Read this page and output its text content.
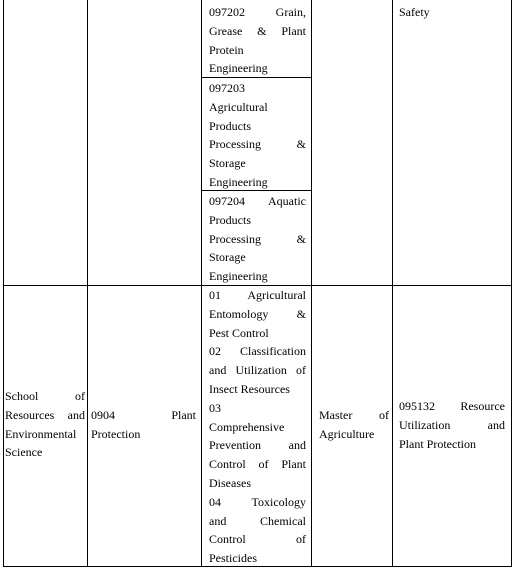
097202 Grain,
Grease & Plant
Protein
Engineering
097203
Agricultural
Products
Processing &
Storage
Engineering
097204 Aquatic
Products
Processing &
Storage
Engineering
Safety
School of
Resources and
Environmental
Science
0904 Plant
Protection
01 Agricultural
Entomology &
Pest Control
02 Classification
and Utilization of
Insect Resources
03
Comprehensive
Prevention and
Control of Plant
Diseases
04 Toxicology
and Chemical
Control of
Pesticides
Master of
Agriculture
095132 Resource
Utilization and
Plant Protection
